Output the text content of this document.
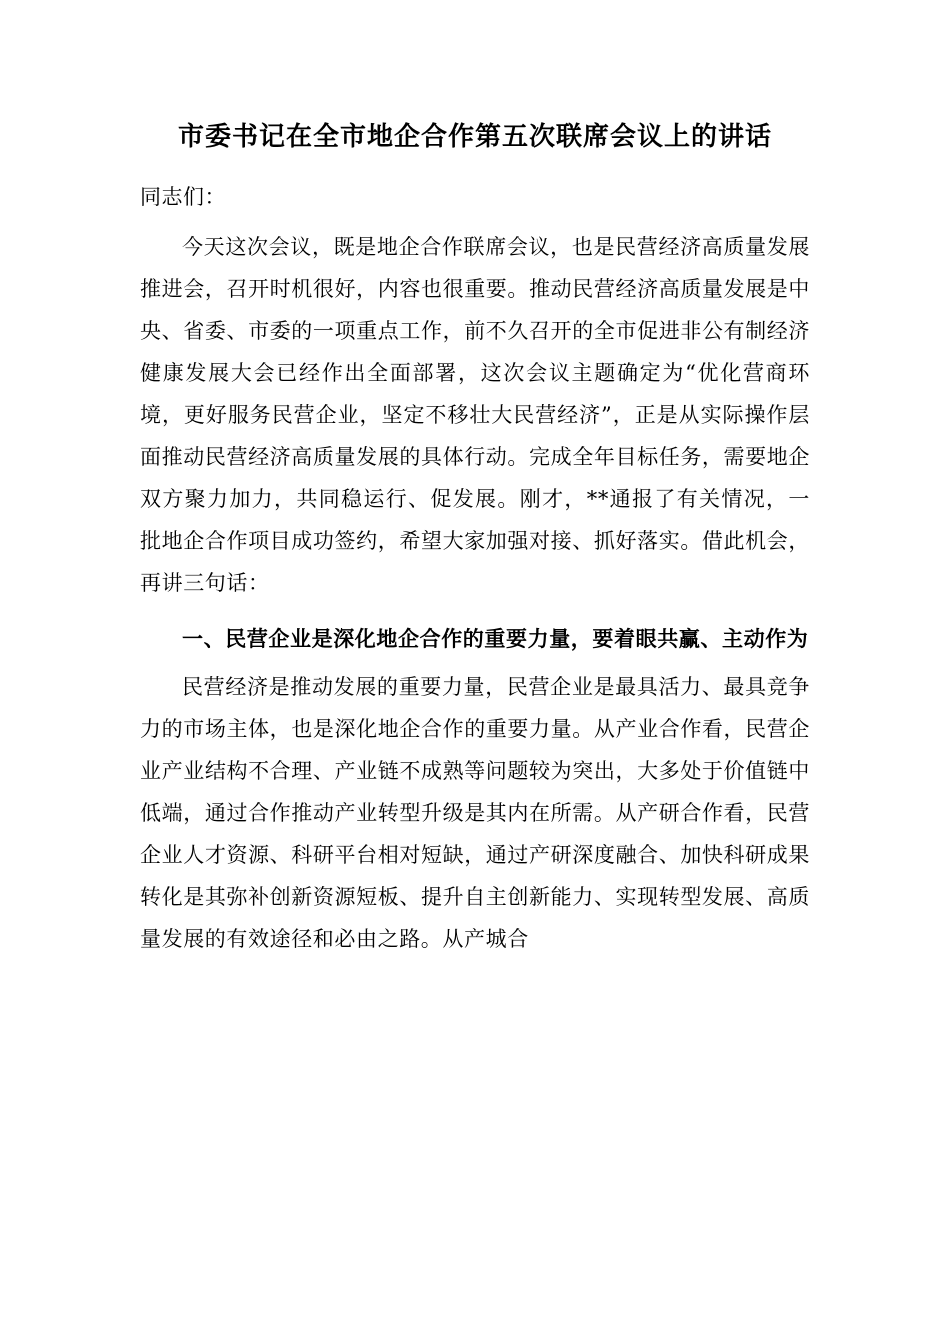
市委书记在全市地企合作第五次联席会议上的讲话

同志们：

今天这次会议，既是地企合作联席会议，也是民营经济高质量发展推进会，召开时机很好，内容也很重要。推动民营经济高质量发展是中央、省委、市委的一项重点工作，前不久召开的全市促进非公有制经济健康发展大会已经作出全面部署，这次会议主题确定为“优化营商环境，更好服务民营企业，坚定不移壮大民营经济”，正是从实际操作层面推动民营经济高质量发展的具体行动。完成全年目标任务，需要地企双方聚力加力，共同稳运行、促发展。刚才，**通报了有关情况，一批地企合作项目成功签约，希望大家加强对接、抓好落实。借此机会，再讲三句话：

一、民营企业是深化地企合作的重要力量，要着眼共赢、主动作为

民营经济是推动发展的重要力量，民营企业是最具活力、最具竞争力的市场主体，也是深化地企合作的重要力量。从产业合作看，民营企业产业结构不合理、产业链不成熟等问题较为突出，大多处于价值链中低端，通过合作推动产业转型升级是其内在所需。从产研合作看，民营企业人才资源、科研平台相对短缺，通过产研深度融合、加快科研成果转化是其弥补创新资源短板、提升自主创新能力、实现转型发展、高质量发展的有效途径和必由之路。从产城合
